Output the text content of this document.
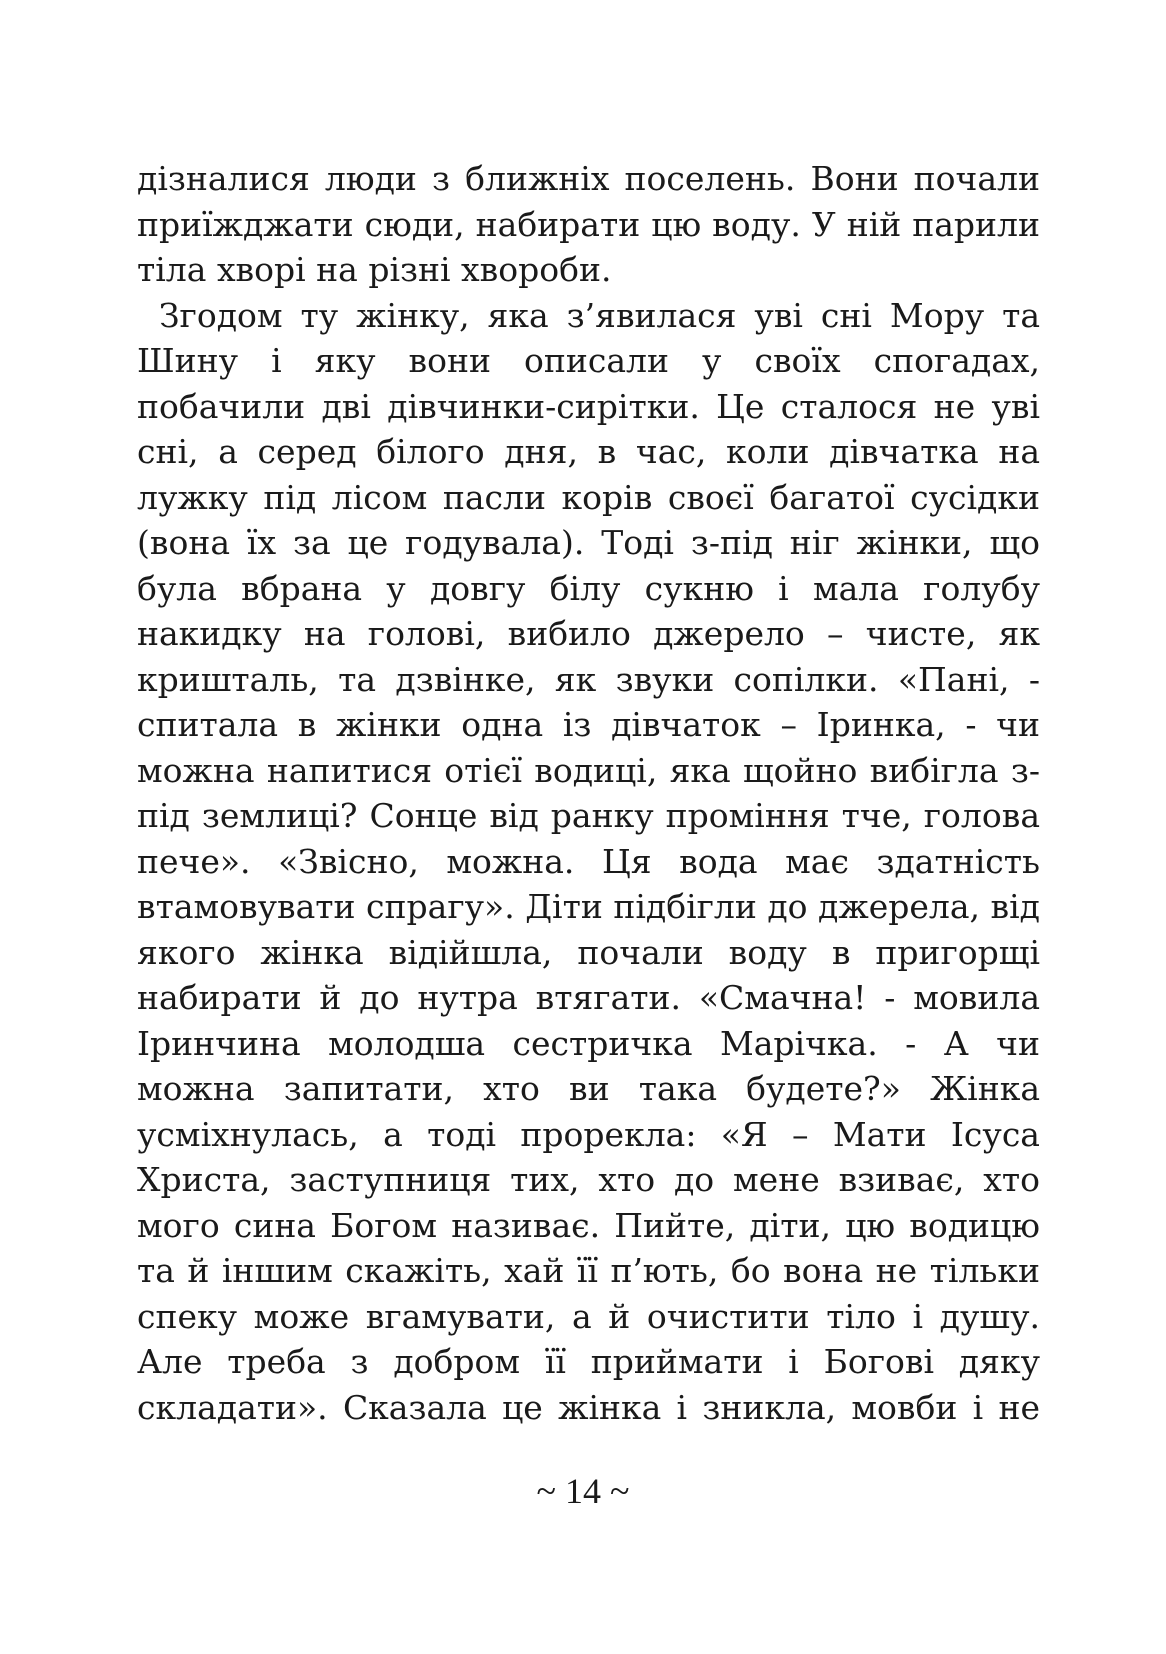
дізналися люди з ближніх поселень. Вони почали
приїжджати сюди, набирати цю воду. У ній парили
тіла хворі на різні хвороби.
Згодом ту жінку, яка з’явилася уві сні Мору та
Шину і яку вони описали у своїх спогадах,
побачили дві дівчинки-сирітки. Це сталося не уві
сні, а серед білого дня, в час, коли дівчатка на
лужку під лісом пасли корів своєї багатої сусідки
(вона їх за це годувала). Тоді з-під ніг жінки, що
була вбрана у довгу білу сукню і мала голубу
накидку на голові, вибило джерело – чисте, як
кришталь, та дзвінке, як звуки сопілки. «Пані, -
спитала в жінки одна із дівчаток – Іринка, - чи
можна напитися отієї водиці, яка щойно вибігла з-
під землиці? Сонце від ранку проміння тче, голова
пече». «Звісно, можна. Ця вода має здатність
втамовувати спрагу». Діти підбігли до джерела, від
якого жінка відійшла, почали воду в пригорщі
набирати й до нутра втягати. «Смачна! - мовила
Іринчина молодша сестричка Марічка. - А чи
можна запитати, хто ви така будете?» Жінка
усміхнулась, а тоді прорекла: «Я – Мати Ісуса
Христа, заступниця тих, хто до мене взиває, хто
мого сина Богом називає. Пийте, діти, цю водицю
та й іншим скажіть, хай її п’ють, бо вона не тільки
спеку може вгамувати, а й очистити тіло і душу.
Але треба з добром її приймати і Богові дяку
складати». Сказала це жінка і зникла, мовби і не
~ 14 ~
